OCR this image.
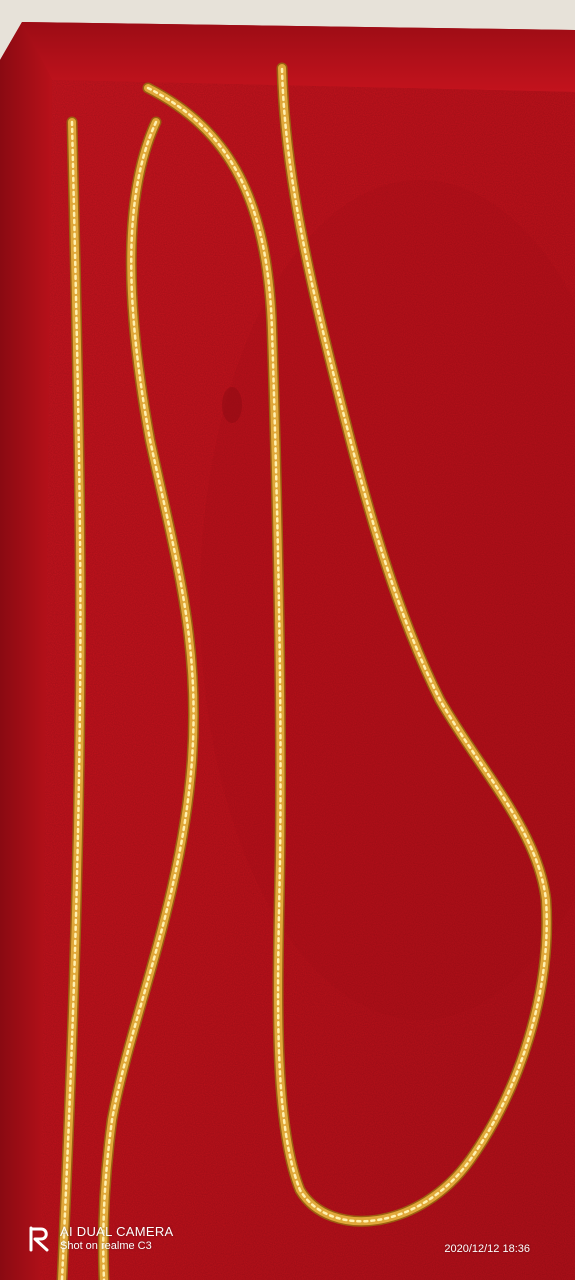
AI DUAL CAMERA
Shot on realme C3	2020/12/12 18:36
